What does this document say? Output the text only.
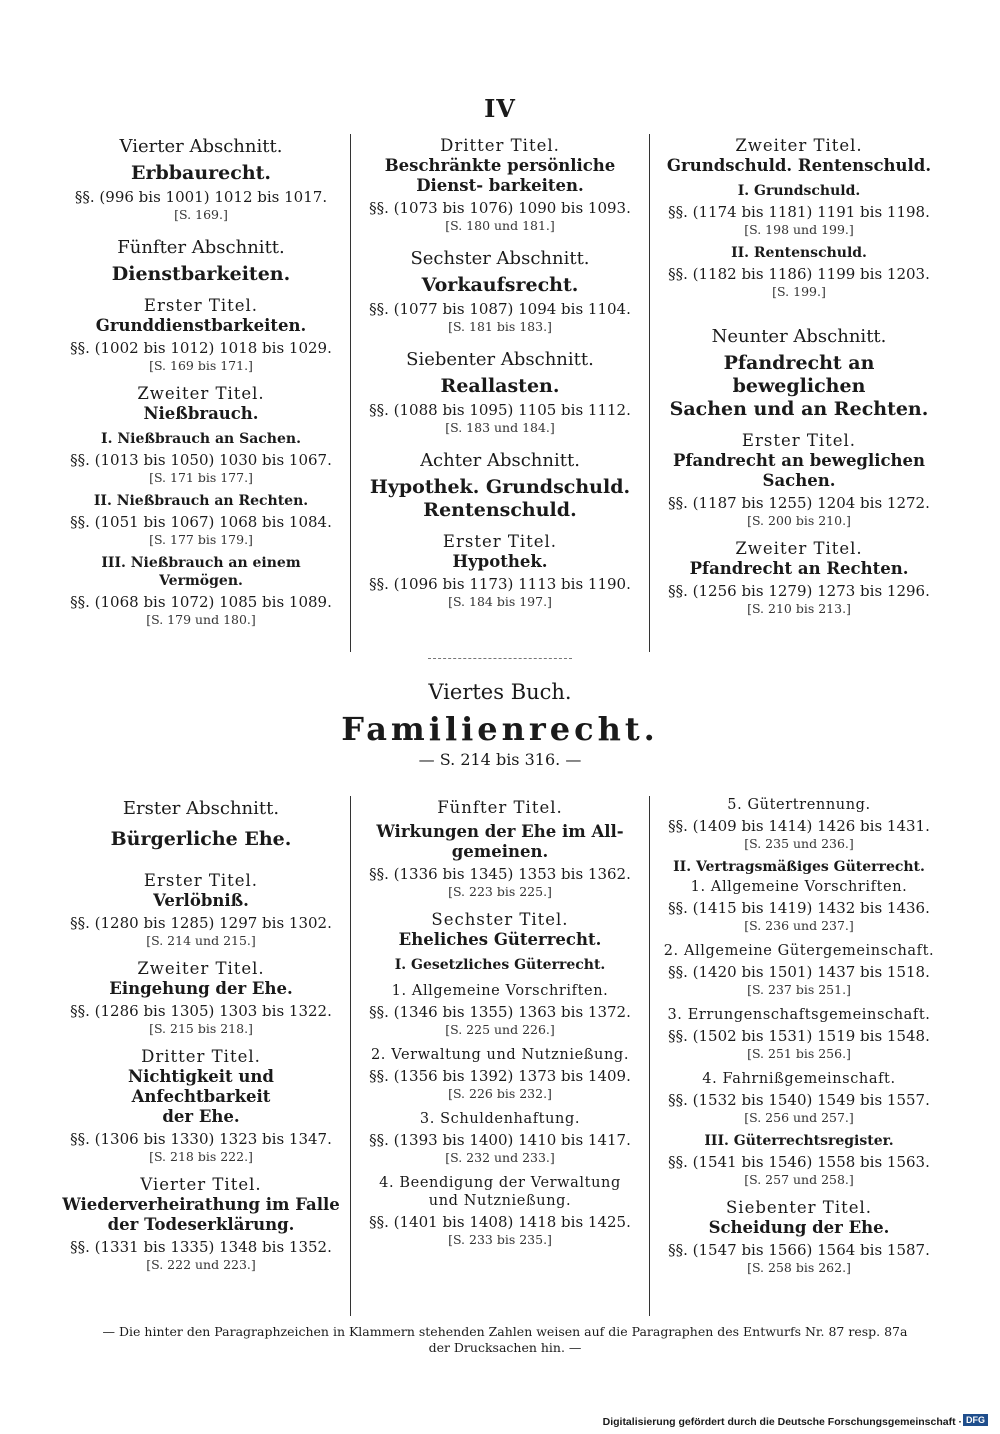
IV
Vierter Abschnitt.
Erbbaurecht.
§§. (996 bis 1001) 1012 bis 1017.
[S. 169.]
Fünfter Abschnitt.
Dienstbarkeiten.
Erster Titel.
Grunddienstbarkeiten.
§§. (1002 bis 1012) 1018 bis 1029.
[S. 169 bis 171.]
Zweiter Titel.
Nießbrauch.
I. Nießbrauch an Sachen.
§§. (1013 bis 1050) 1030 bis 1067.
[S. 171 bis 177.]
II. Nießbrauch an Rechten.
§§. (1051 bis 1067) 1068 bis 1084.
[S. 177 bis 179.]
III. Nießbrauch an einem Vermögen.
§§. (1068 bis 1072) 1085 bis 1089.
[S. 179 und 180.]
Dritter Titel.
Beschränkte persönliche Dienst- barkeiten.
§§. (1073 bis 1076) 1090 bis 1093.
[S. 180 und 181.]
Sechster Abschnitt.
Vorkaufsrecht.
§§. (1077 bis 1087) 1094 bis 1104.
[S. 181 bis 183.]
Siebenter Abschnitt.
Reallasten.
§§. (1088 bis 1095) 1105 bis 1112.
[S. 183 und 184.]
Achter Abschnitt.
Hypothek. Grundschuld.
Rentenschuld.
Erster Titel.
Hypothek.
§§. (1096 bis 1173) 1113 bis 1190.
[S. 184 bis 197.]
Zweiter Titel.
Grundschuld. Rentenschuld.
I. Grundschuld.
§§. (1174 bis 1181) 1191 bis 1198.
[S. 198 und 199.]
II. Rentenschuld.
§§. (1182 bis 1186) 1199 bis 1203.
[S. 199.]
Neunter Abschnitt.
Pfandrecht an beweglichen
Sachen und an Rechten.
Erster Titel.
Pfandrecht an beweglichen
Sachen.
§§. (1187 bis 1255) 1204 bis 1272.
[S. 200 bis 210.]
Zweiter Titel.
Pfandrecht an Rechten.
§§. (1256 bis 1279) 1273 bis 1296.
[S. 210 bis 213.]
Viertes Buch.
Familienrecht.
— S. 214 bis 316. —
Erster Abschnitt.
Bürgerliche Ehe.
Erster Titel.
Verlöbniß.
§§. (1280 bis 1285) 1297 bis 1302.
[S. 214 und 215.]
Zweiter Titel.
Eingehung der Ehe.
§§. (1286 bis 1305) 1303 bis 1322.
[S. 215 bis 218.]
Dritter Titel.
Nichtigkeit und Anfechtbarkeit
der Ehe.
§§. (1306 bis 1330) 1323 bis 1347.
[S. 218 bis 222.]
Vierter Titel.
Wiederverheirathung im Falle
der Todeserklärung.
§§. (1331 bis 1335) 1348 bis 1352.
[S. 222 und 223.]
Fünfter Titel.
Wirkungen der Ehe im All-
gemeinen.
§§. (1336 bis 1345) 1353 bis 1362.
[S. 223 bis 225.]
Sechster Titel.
Eheliches Güterrecht.
I. Gesetzliches Güterrecht.
1. Allgemeine Vorschriften.
§§. (1346 bis 1355) 1363 bis 1372.
[S. 225 und 226.]
2. Verwaltung und Nutznießung.
§§. (1356 bis 1392) 1373 bis 1409.
[S. 226 bis 232.]
3. Schuldenhaftung.
§§. (1393 bis 1400) 1410 bis 1417.
[S. 232 und 233.]
4. Beendigung der Verwaltung
und Nutznießung.
§§. (1401 bis 1408) 1418 bis 1425.
[S. 233 bis 235.]
5. Gütertrennung.
§§. (1409 bis 1414) 1426 bis 1431.
[S. 235 und 236.]
II. Vertragsmäßiges Güterrecht.
1. Allgemeine Vorschriften.
§§. (1415 bis 1419) 1432 bis 1436.
[S. 236 und 237.]
2. Allgemeine Gütergemeinschaft.
§§. (1420 bis 1501) 1437 bis 1518.
[S. 237 bis 251.]
3. Errungenschaftsgemeinschaft.
§§. (1502 bis 1531) 1519 bis 1548.
[S. 251 bis 256.]
4. Fahrnißgemeinschaft.
§§. (1532 bis 1540) 1549 bis 1557.
[S. 256 und 257.]
III. Güterrechtsregister.
§§. (1541 bis 1546) 1558 bis 1563.
[S. 257 und 258.]
Siebenter Titel.
Scheidung der Ehe.
§§. (1547 bis 1566) 1564 bis 1587.
[S. 258 bis 262.]
— Die hinter den Paragraphzeichen in Klammern stehenden Zahlen weisen auf die Paragraphen des Entwurfs Nr. 87 resp. 87a
der Drucksachen hin. —
Digitalisierung gefördert durch die Deutsche Forschungsgemeinschaft · DFG
